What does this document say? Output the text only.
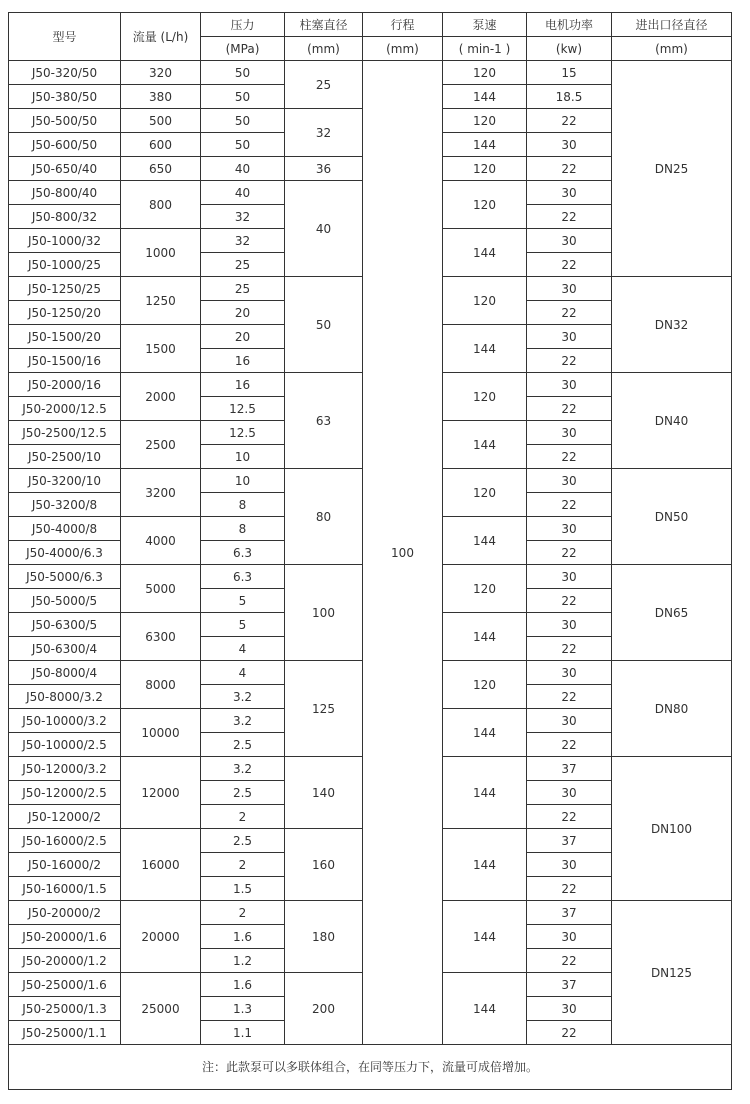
型号	流量 (L/h)	压力	柱塞直径	行程	泵速	电机功率	进出口径直径
		(MPa)	(mm)	(mm)	( min-1 )	(kw)	(mm)
J50-320/50	320	50	25	100	120	15	DN25
J50-380/50	380	50			144	18.5	
J50-500/50	500	50	32		120	22	
J50-600/50	600	50			144	30	
J50-650/40	650	40	36		120	22	
J50-800/40	800	40	40		120	30	
J50-800/32		32				22	
J50-1000/32	1000	32			144	30	
J50-1000/25		25				22	
J50-1250/25	1250	25	50		120	30	DN32
J50-1250/20		20				22	
J50-1500/20	1500	20			144	30	
J50-1500/16		16				22	
J50-2000/16	2000	16	63		120	30	DN40
J50-2000/12.5		12.5				22	
J50-2500/12.5	2500	12.5			144	30	
J50-2500/10		10				22	
J50-3200/10	3200	10	80		120	30	DN50
J50-3200/8		8				22	
J50-4000/8	4000	8			144	30	
J50-4000/6.3		6.3				22	
J50-5000/6.3	5000	6.3	100		120	30	DN65
J50-5000/5		5				22	
J50-6300/5	6300	5			144	30	
J50-6300/4		4				22	
J50-8000/4	8000	4	125		120	30	DN80
J50-8000/3.2		3.2				22	
J50-10000/3.2	10000	3.2			144	30	
J50-10000/2.5		2.5				22	
J50-12000/3.2	12000	3.2	140		144	37	DN100
J50-12000/2.5		2.5				30	
J50-12000/2		2				22	
J50-16000/2.5	16000	2.5	160		144	37	
J50-16000/2		2				30	
J50-16000/1.5		1.5				22	
J50-20000/2	20000	2	180		144	37	DN125
J50-20000/1.6		1.6				30	
J50-20000/1.2		1.2				22	
J50-25000/1.6	25000	1.6	200		144	37	
J50-25000/1.3		1.3				30	
J50-25000/1.1		1.1				22	
注：此款泵可以多联体组合，在同等压力下，流量可成倍增加。							
